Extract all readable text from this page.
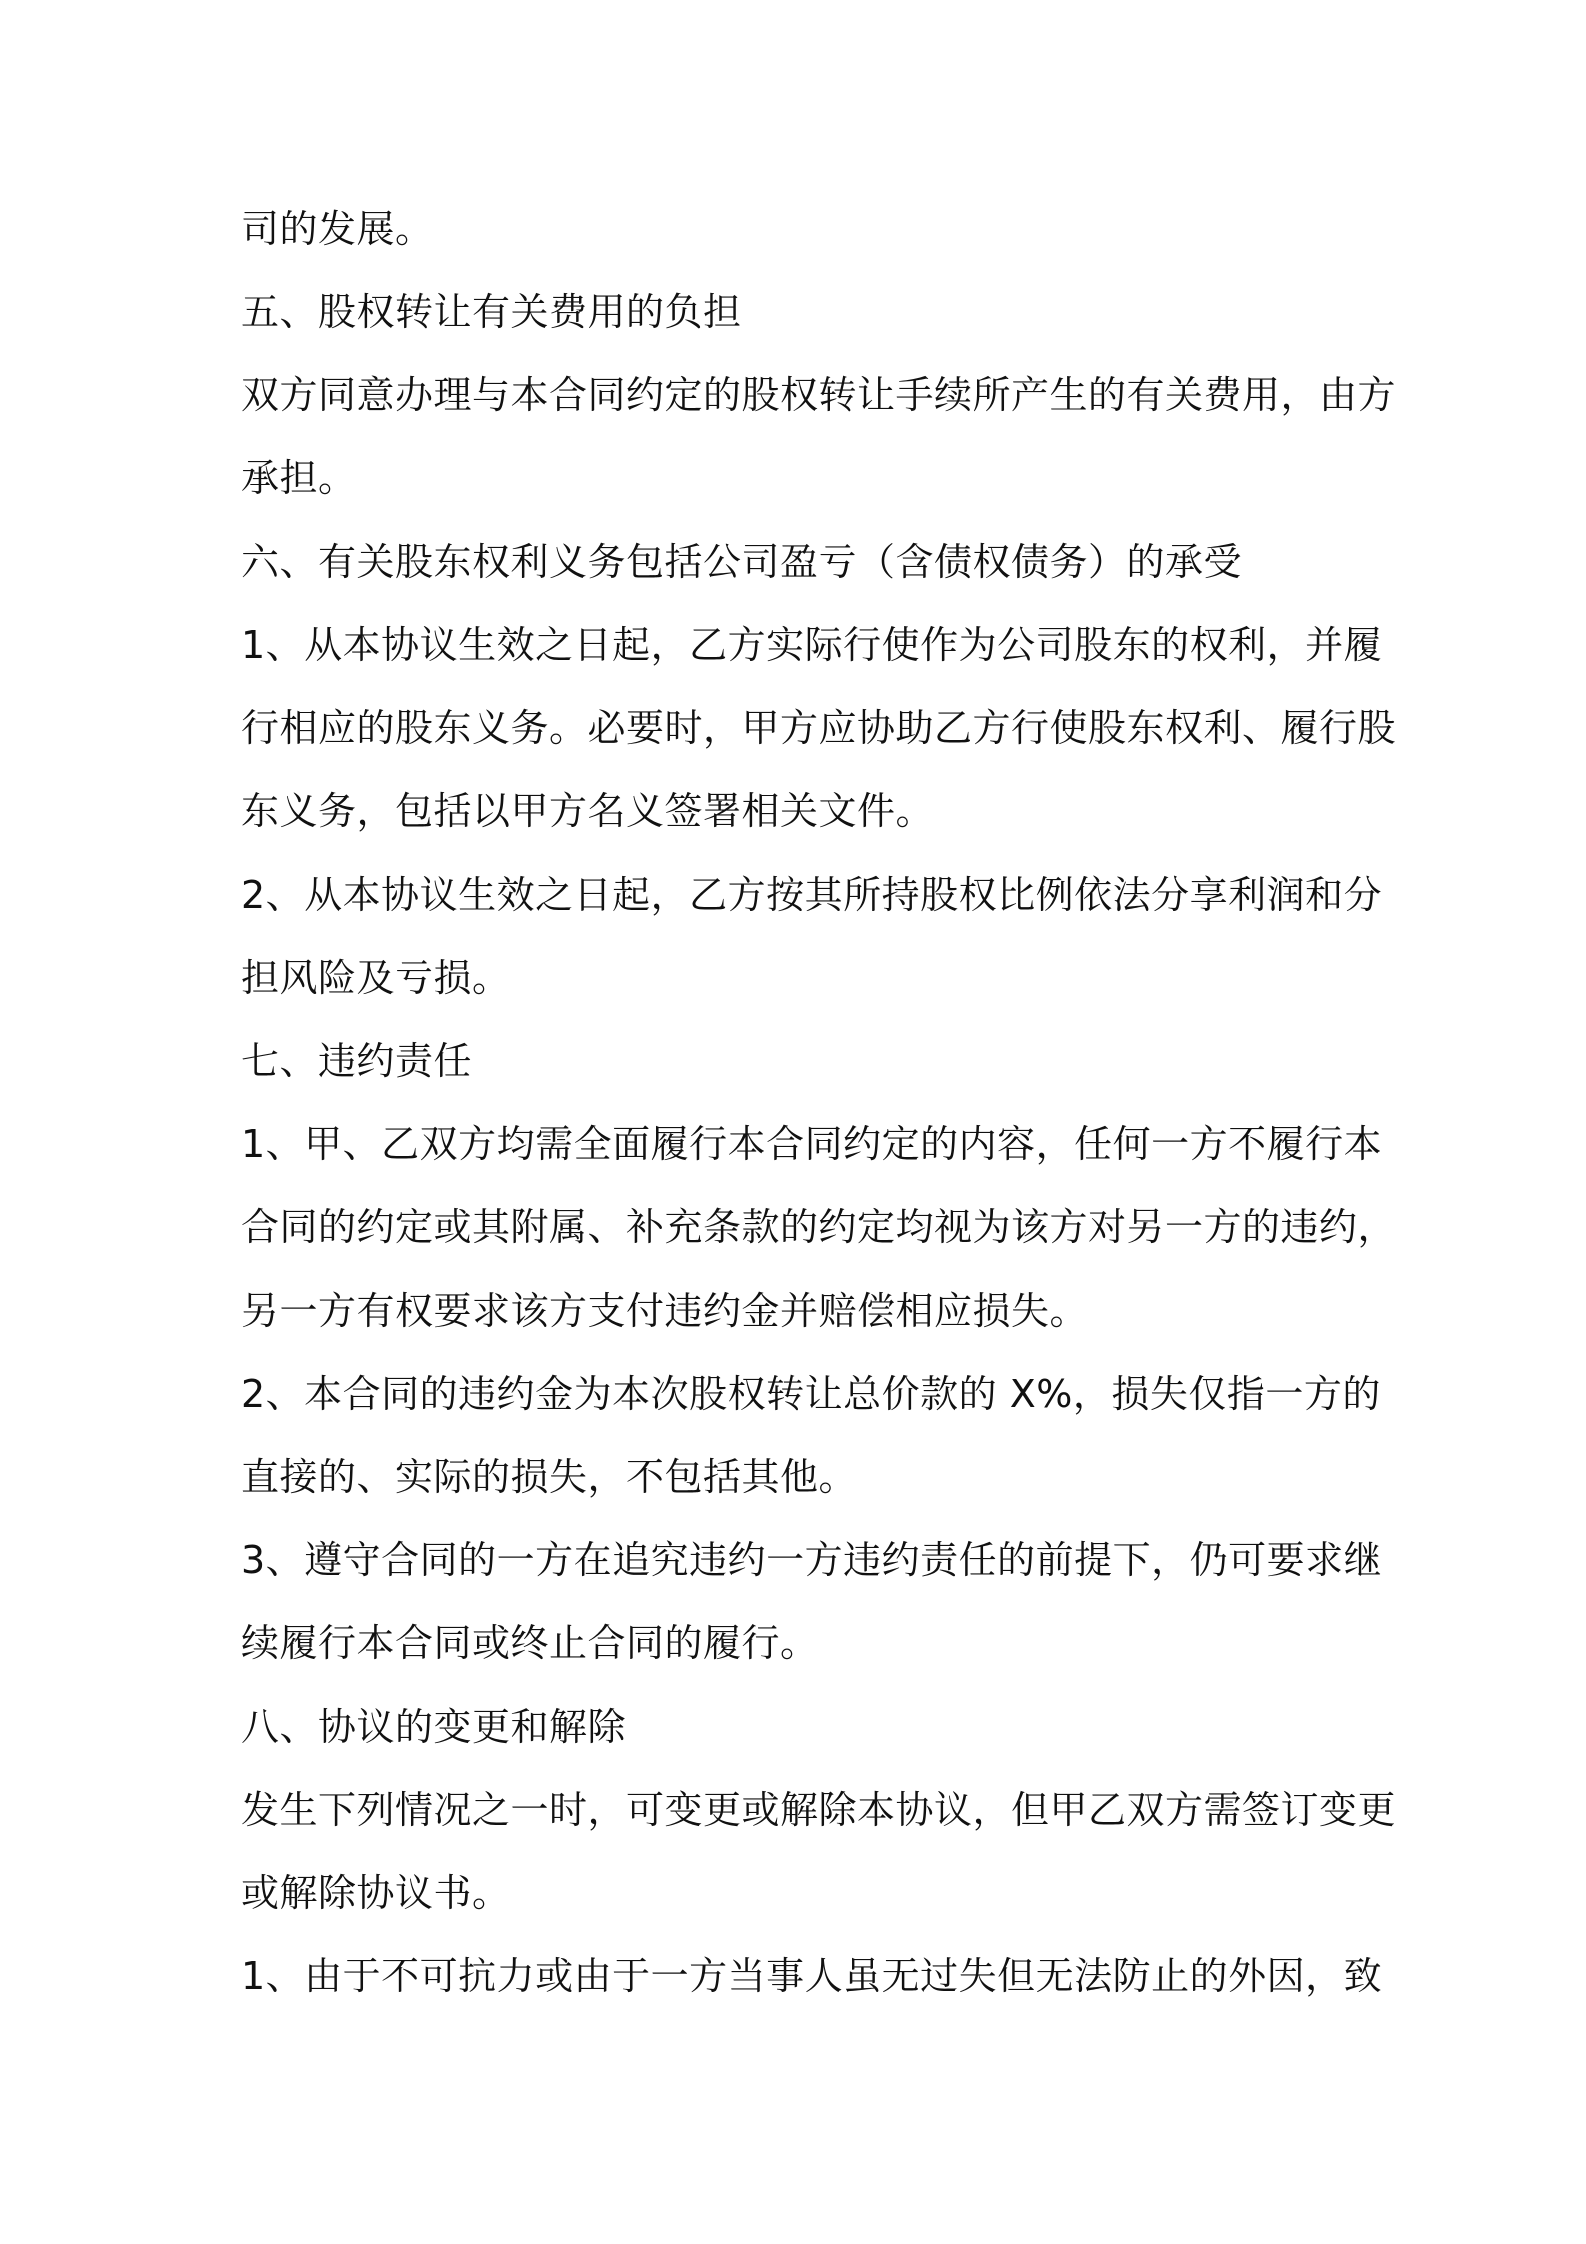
司的发展。
五、股权转让有关费用的负担
双方同意办理与本合同约定的股权转让手续所产生的有关费用，由方
承担。
六、有关股东权利义务包括公司盈亏（含债权债务）的承受
1、从本协议生效之日起，乙方实际行使作为公司股东的权利，并履
行相应的股东义务。必要时，甲方应协助乙方行使股东权利、履行股
东义务，包括以甲方名义签署相关文件。
2、从本协议生效之日起，乙方按其所持股权比例依法分享利润和分
担风险及亏损。
七、违约责任
1、甲、乙双方均需全面履行本合同约定的内容，任何一方不履行本
合同的约定或其附属、补充条款的约定均视为该方对另一方的违约，
另一方有权要求该方支付违约金并赔偿相应损失。
2、本合同的违约金为本次股权转让总价款的 X%，损失仅指一方的
直接的、实际的损失，不包括其他。
3、遵守合同的一方在追究违约一方违约责任的前提下，仍可要求继
续履行本合同或终止合同的履行。
八、协议的变更和解除
发生下列情况之一时，可变更或解除本协议，但甲乙双方需签订变更
或解除协议书。
1、由于不可抗力或由于一方当事人虽无过失但无法防止的外因，致
